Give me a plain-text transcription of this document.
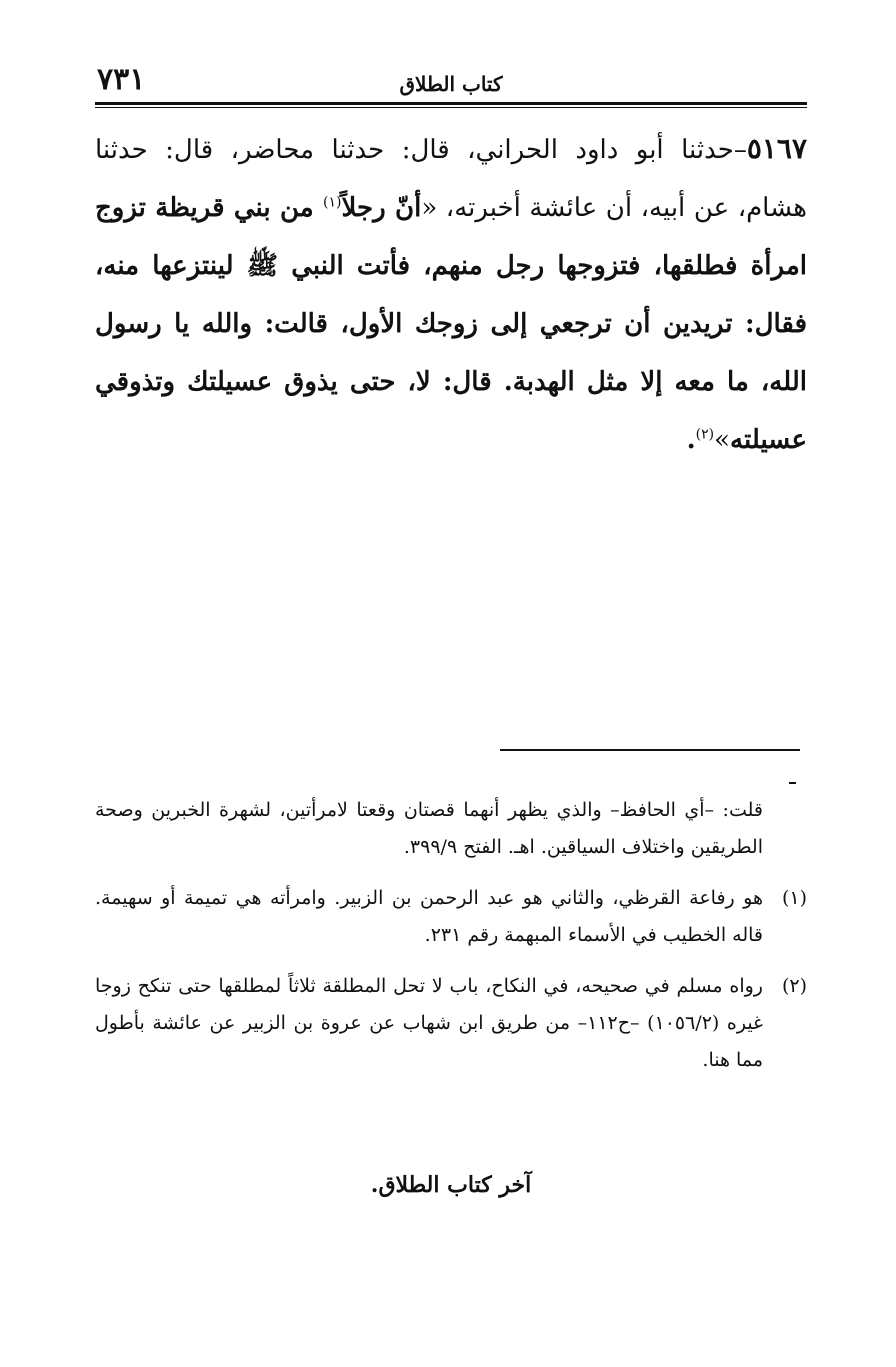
٧٣١	كتاب الطلاق
٥١٦٧–حدثنا أبو داود الحراني، قال: حدثنا محاضر، قال: حدثنا هشام، عن أبيه، أن عائشة أخبرته، «أنّ رجلاً$^{(١)}$ من بني قريظة تزوج امرأة فطلقها، فتزوجها رجل منهم، فأتت النبي ﷺ لينتزعها منه، فقال: تريدين أن ترجعي إلى زوجك الأول، قالت: والله يا رسول الله، ما معه إلا مثل الهدبة. قال: لا، حتى يذوق عسيلتك وتذوقي عسيلته»$^{(٢)}$.
قلت: –أي الحافظ– والذي يظهر أنهما قصتان وقعتا لامرأتين، لشهرة الخبرين وصحة الطريقين واختلاف السياقين. اهـ. الفتح ٣٩٩/٩.
(١)
هو رفاعة القرظي، والثاني هو عبد الرحمن بن الزبير. وامرأته هي تميمة أو سهيمة. قاله الخطيب في الأسماء المبهمة رقم ٢٣١.
(٢)
رواه مسلم في صحيحه، في النكاح، باب لا تحل المطلقة ثلاثاً لمطلقها حتى تنكح زوجا غيره (١٠٥٦/٢) –ح١١٢– من طريق ابن شهاب عن عروة بن الزبير عن عائشة بأطول مما هنا.
آخر كتاب الطلاق.
